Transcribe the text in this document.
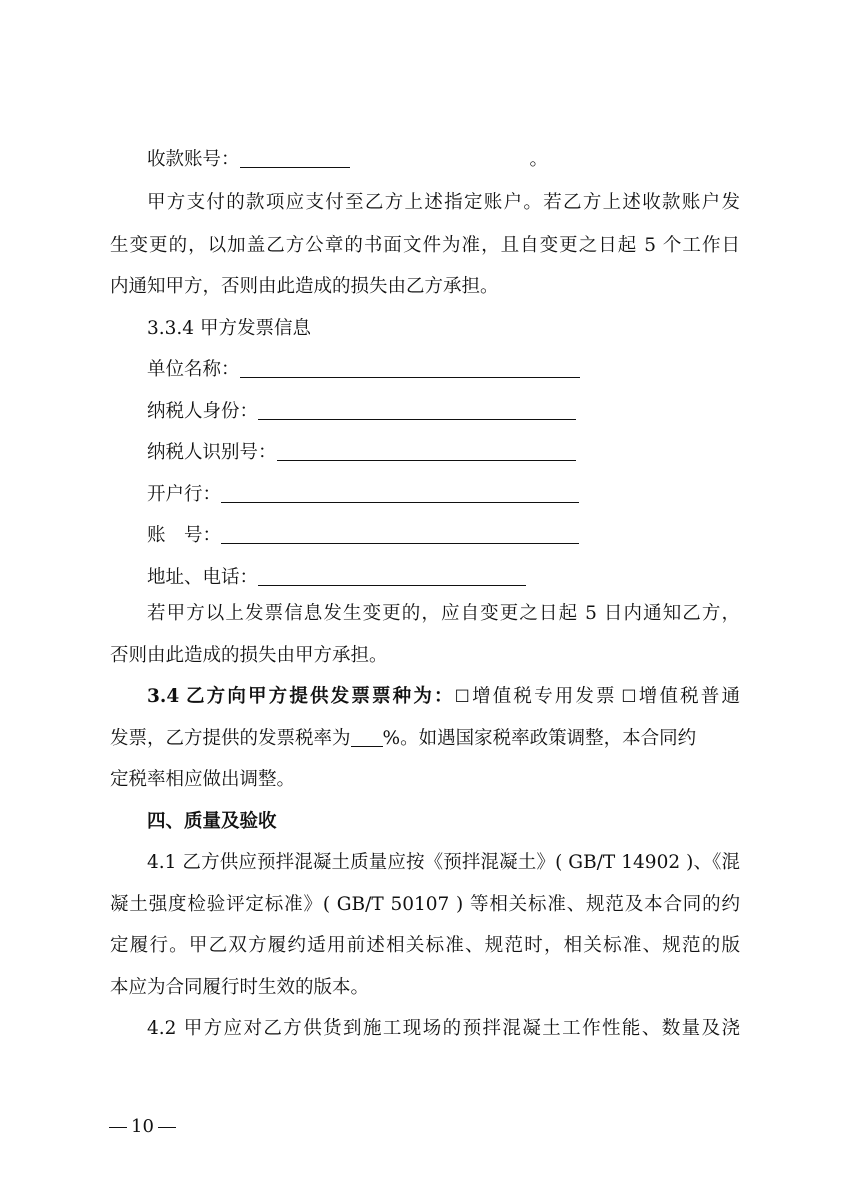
收款账号：	。
甲方支付的款项应支付至乙方上述指定账户。若乙方上述收款账户发
生变更的，以加盖乙方公章的书面文件为准，且自变更之日起 5 个工作日
内通知甲方，否则由此造成的损失由乙方承担。
3.3.4 甲方发票信息
单位名称：
纳税人身份：
纳税人识别号：
开户行：
账　号：
地址、电话：
若甲方以上发票信息发生变更的，应自变更之日起 5 日内通知乙方，
否则由此造成的损失由甲方承担。
3.4  乙方向甲方提供发票票种为：☐增值税专用发票  ☐增值税普通
发票，乙方提供的发票税率为 %。如遇国家税率政策调整，本合同约
定税率相应做出调整。
四、质量及验收
4.1 乙方供应预拌混凝土质量应按《预拌混凝土》( GB/T 14902 )、《混
凝土强度检验评定标准》( GB/T 50107 ) 等相关标准、规范及本合同的约
定履行。甲乙双方履约适用前述相关标准、规范时，相关标准、规范的版
本应为合同履行时生效的版本。
4.2 甲方应对乙方供货到施工现场的预拌混凝土工作性能、数量及浇
10
